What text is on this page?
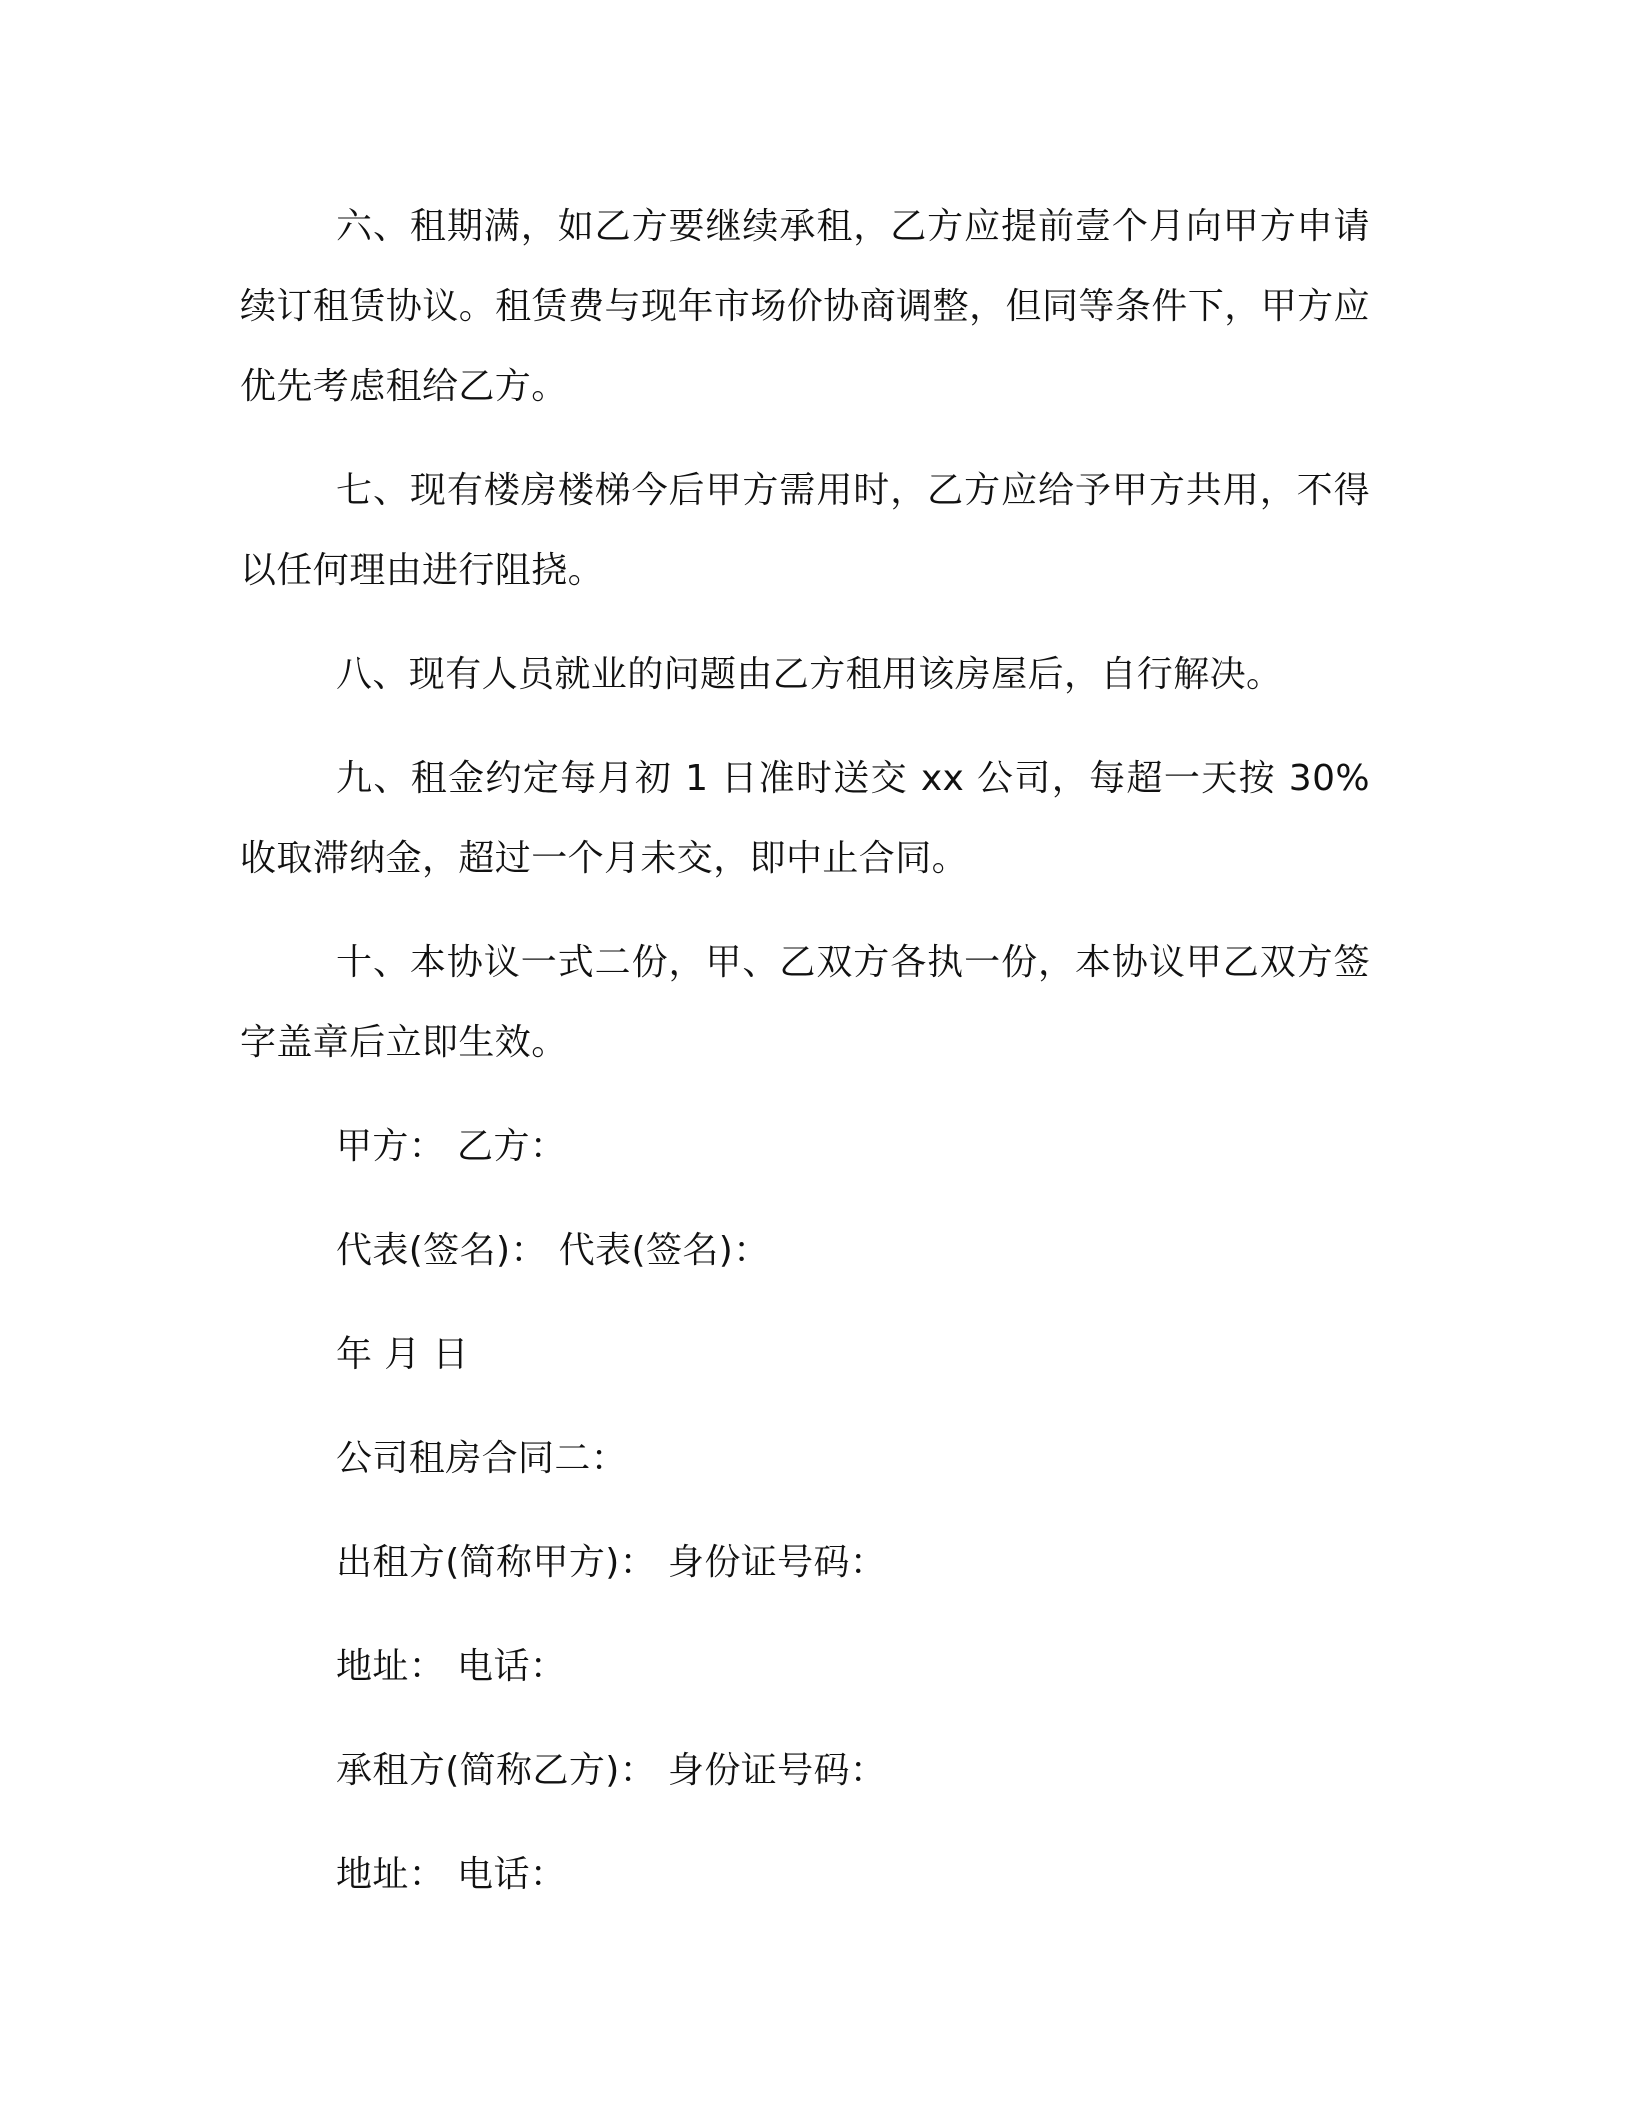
六、租期满，如乙方要继续承租，乙方应提前壹个月向甲方申请续订租赁协议。租赁费与现年市场价协商调整，但同等条件下，甲方应优先考虑租给乙方。

七、现有楼房楼梯今后甲方需用时，乙方应给予甲方共用，不得以任何理由进行阻挠。

八、现有人员就业的问题由乙方租用该房屋后，自行解决。

九、租金约定每月初 1 日准时送交 xx 公司，每超一天按 30%收取滞纳金，超过一个月未交，即中止合同。

十、本协议一式二份，甲、乙双方各执一份，本协议甲乙双方签字盖章后立即生效。

甲方： 乙方：

代表(签名)： 代表(签名)：

年 月 日

公司租房合同二：

出租方(简称甲方)： 身份证号码：

地址： 电话：

承租方(简称乙方)： 身份证号码：

地址： 电话：
